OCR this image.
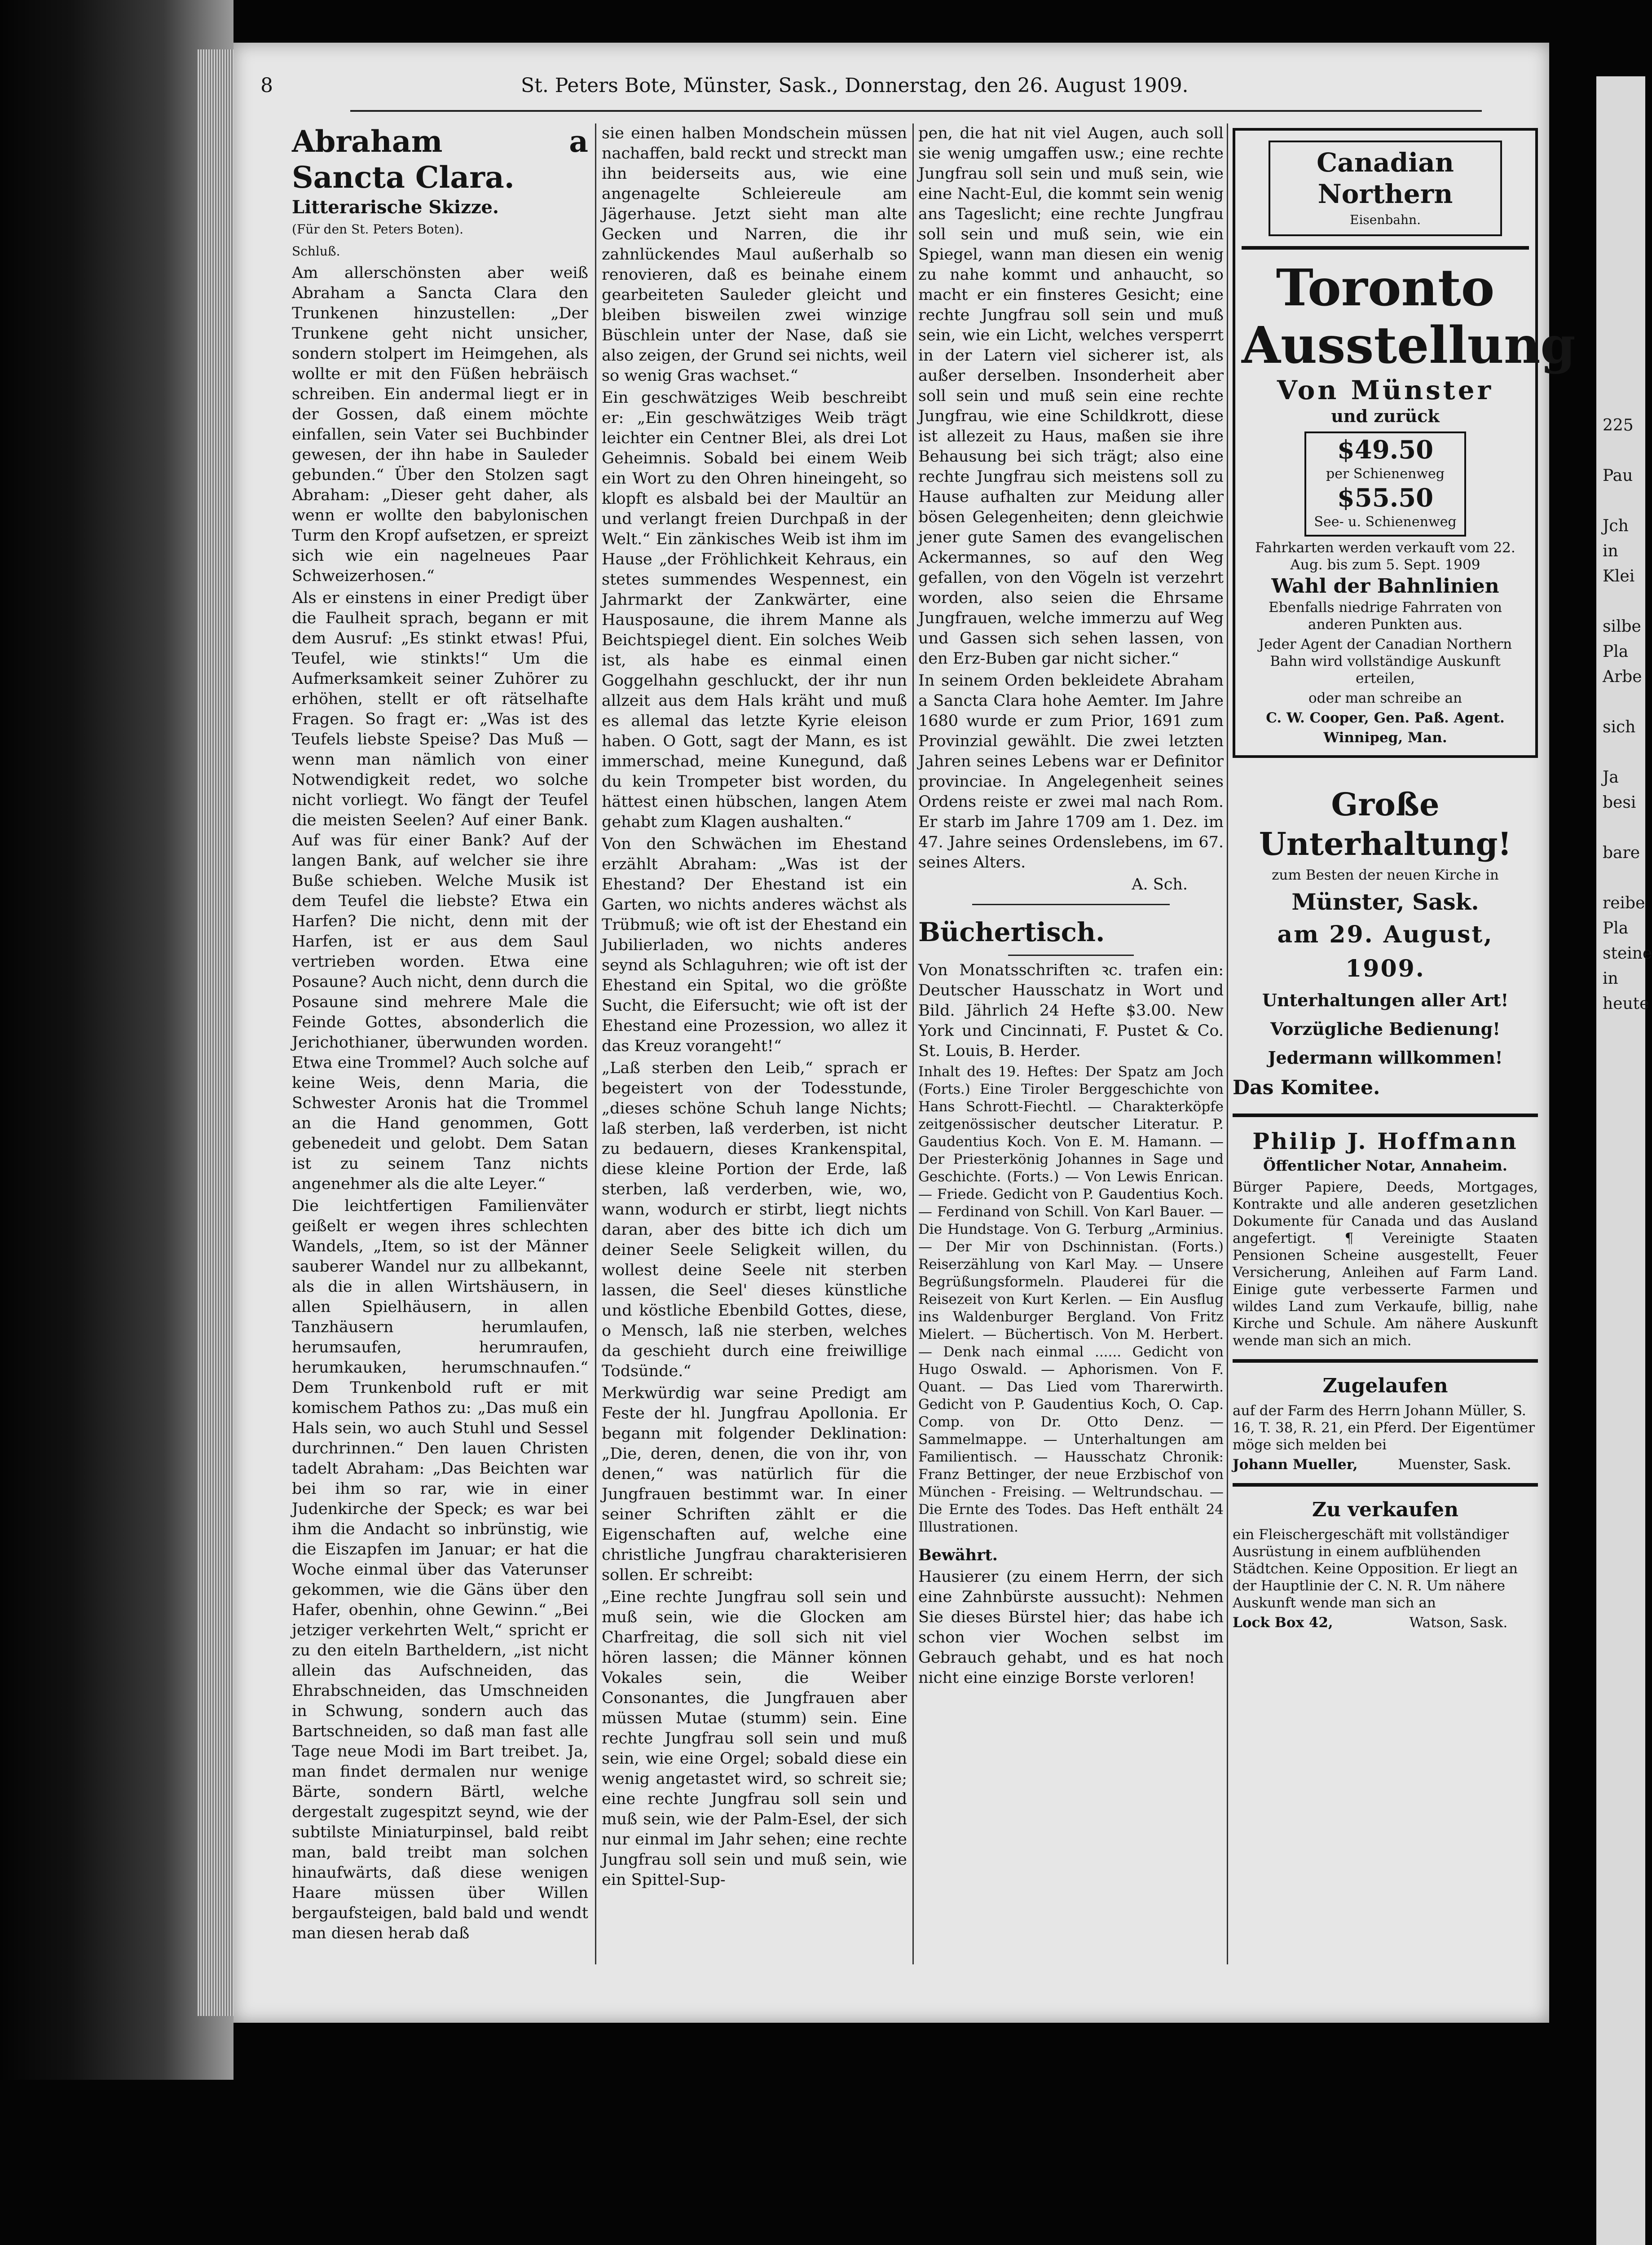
8	St. Peters Bote, Münster, Sask., Donnerstag, den 26. August 1909.

Abraham a Sancta Clara.

Litterarische Skizze.

(Für den St. Peters Boten).

Schluß.

Am allerschönsten aber weiß Abraham a Sancta Clara den Trunkenen hinzustellen: „Der Trunkene geht nicht unsicher, sondern stolpert im Heimgehen, als wollte er mit den Füßen hebräisch schreiben. Ein andermal liegt er in der Gossen, daß einem möchte einfallen, sein Vater sei Buchbinder gewesen, der ihn habe in Sauleder gebunden.“ Über den Stolzen sagt Abraham: „Dieser geht daher, als wenn er wollte den babylonischen Turm den Kropf aufsetzen, er spreizt sich wie ein nagelneues Paar Schweizerhosen.“

Als er einstens in einer Predigt über die Faulheit sprach, begann er mit dem Ausruf: „Es stinkt etwas! Pfui, Teufel, wie stinkts!“ Um die Aufmerksamkeit seiner Zuhörer zu erhöhen, stellt er oft rätselhafte Fragen. So fragt er: „Was ist des Teufels liebste Speise? Das Muß — wenn man nämlich von einer Notwendigkeit redet, wo solche nicht vorliegt. Wo fängt der Teufel die meisten Seelen? Auf einer Bank. Auf was für einer Bank? Auf der langen Bank, auf welcher sie ihre Buße schieben. Welche Musik ist dem Teufel die liebste? Etwa ein Harfen? Die nicht, denn mit der Harfen, ist er aus dem Saul vertrieben worden. Etwa eine Posaune? Auch nicht, denn durch die Posaune sind mehrere Male die Feinde Gottes, absonderlich die Jerichothianer, überwunden worden. Etwa eine Trommel? Auch solche auf keine Weis, denn Maria, die Schwester Aronis hat die Trommel an die Hand genommen, Gott gebenedeit und gelobt. Dem Satan ist zu seinem Tanz nichts angenehmer als die alte Leyer.“

Die leichtfertigen Familienväter geißelt er wegen ihres schlechten Wandels, „Item, so ist der Männer sauberer Wandel nur zu allbekannt, als die in allen Wirtshäusern, in allen Spielhäusern, in allen Tanzhäusern herumlaufen, herumsaufen, herumraufen, herumkauken, herumschnaufen.“ Dem Trunkenbold ruft er mit komischem Pathos zu: „Das muß ein Hals sein, wo auch Stuhl und Sessel durchrinnen.“ Den lauen Christen tadelt Abraham: „Das Beichten war bei ihm so rar, wie in einer Judenkirche der Speck; es war bei ihm die Andacht so inbrünstig, wie die Eiszapfen im Januar; er hat die Woche einmal über das Vaterunser gekommen, wie die Gäns über den Hafer, obenhin, ohne Gewinn.“ „Bei jetziger verkehrten Welt,“ spricht er zu den eiteln Bartheldern, „ist nicht allein das Aufschneiden, das Ehrabschneiden, das Umschneiden in Schwung, sondern auch das Bartschneiden, so daß man fast alle Tage neue Modi im Bart treibet. Ja, man findet dermalen nur wenige Bärte, sondern Bärtl, welche dergestalt zugespitzt seynd, wie der subtilste Miniaturpinsel, bald reibt man, bald treibt man solchen hinaufwärts, daß diese wenigen Haare müssen über Willen bergaufsteigen, bald bald und wendt man diesen herab daß

sie einen halben Mondschein müssen nachaffen, bald reckt und streckt man ihn beiderseits aus, wie eine angenagelte Schleiereule am Jägerhause. Jetzt sieht man alte Gecken und Narren, die ihr zahnlückendes Maul außerhalb so renovieren, daß es beinahe einem gearbeiteten Sauleder gleicht und bleiben bisweilen zwei winzige Büschlein unter der Nase, daß sie also zeigen, der Grund sei nichts, weil so wenig Gras wachset.“

Ein geschwätziges Weib beschreibt er: „Ein geschwätziges Weib trägt leichter ein Centner Blei, als drei Lot Geheimnis. Sobald bei einem Weib ein Wort zu den Ohren hineingeht, so klopft es alsbald bei der Maultür an und verlangt freien Durchpaß in der Welt.“ Ein zänkisches Weib ist ihm im Hause „der Fröhlichkeit Kehraus, ein stetes summendes Wespennest, ein Jahrmarkt der Zankwärter, eine Hausposaune, die ihrem Manne als Beichtspiegel dient. Ein solches Weib ist, als habe es einmal einen Goggelhahn geschluckt, der ihr nun allzeit aus dem Hals kräht und muß es allemal das letzte Kyrie eleison haben. O Gott, sagt der Mann, es ist immerschad, meine Kunegund, daß du kein Trompeter bist worden, du hättest einen hübschen, langen Atem gehabt zum Klagen aushalten.“

Von den Schwächen im Ehestand erzählt Abraham: „Was ist der Ehestand? Der Ehestand ist ein Garten, wo nichts anderes wächst als Trübmuß; wie oft ist der Ehestand ein Jubilierladen, wo nichts anderes seynd als Schlaguhren; wie oft ist der Ehestand ein Spital, wo die größte Sucht, die Eifersucht; wie oft ist der Ehestand eine Prozession, wo allez it das Kreuz vorangeht!“

„Laß sterben den Leib,“ sprach er begeistert von der Todesstunde, „dieses schöne Schuh lange Nichts; laß sterben, laß verderben, ist nicht zu bedauern, dieses Krankenspital, diese kleine Portion der Erde, laß sterben, laß verderben, wie, wo, wann, wodurch er stirbt, liegt nichts daran, aber des bitte ich dich um deiner Seele Seligkeit willen, du wollest deine Seele nit sterben lassen, die Seel' dieses künstliche und köstliche Ebenbild Gottes, diese, o Mensch, laß nie sterben, welches da geschieht durch eine freiwillige Todsünde.“

Merkwürdig war seine Predigt am Feste der hl. Jungfrau Apollonia. Er begann mit folgender Deklination: „Die, deren, denen, die von ihr, von denen,“ was natürlich für die Jungfrauen bestimmt war. In einer seiner Schriften zählt er die Eigenschaften auf, welche eine christliche Jungfrau charakterisieren sollen. Er schreibt:

„Eine rechte Jungfrau soll sein und muß sein, wie die Glocken am Charfreitag, die soll sich nit viel hören lassen; die Männer können Vokales sein, die Weiber Consonantes, die Jungfrauen aber müssen Mutae (stumm) sein. Eine rechte Jungfrau soll sein und muß sein, wie eine Orgel; sobald diese ein wenig angetastet wird, so schreit sie; eine rechte Jungfrau soll sein und muß sein, wie der Palm-Esel, der sich nur einmal im Jahr sehen; eine rechte Jungfrau soll sein und muß sein, wie ein Spittel-Sup-

pen, die hat nit viel Augen, auch soll sie wenig umgaffen usw.; eine rechte Jungfrau soll sein und muß sein, wie eine Nacht-Eul, die kommt sein wenig ans Tageslicht; eine rechte Jungfrau soll sein und muß sein, wie ein Spiegel, wann man diesen ein wenig zu nahe kommt und anhaucht, so macht er ein finsteres Gesicht; eine rechte Jungfrau soll sein und muß sein, wie ein Licht, welches versperrt in der Latern viel sicherer ist, als außer derselben. Insonderheit aber soll sein und muß sein eine rechte Jungfrau, wie eine Schildkrott, diese ist allezeit zu Haus, maßen sie ihre Behausung bei sich trägt; also eine rechte Jungfrau sich meistens soll zu Hause aufhalten zur Meidung aller bösen Gelegenheiten; denn gleichwie jener gute Samen des evangelischen Ackermannes, so auf den Weg gefallen, von den Vögeln ist verzehrt worden, also seien die Ehrsame Jungfrauen, welche immerzu auf Weg und Gassen sich sehen lassen, von den Erz-Buben gar nicht sicher.“

In seinem Orden bekleidete Abraham a Sancta Clara hohe Aemter. Im Jahre 1680 wurde er zum Prior, 1691 zum Provinzial gewählt. Die zwei letzten Jahren seines Lebens war er Definitor provinciae. In Angelegenheit seines Ordens reiste er zwei mal nach Rom. Er starb im Jahre 1709 am 1. Dez. im 47. Jahre seines Ordenslebens, im 67. seines Alters.

A. Sch.

Büchertisch.

Von Monatsschriften ꝛc. trafen ein: Deutscher Hausschatz in Wort und Bild. Jährlich 24 Hefte $3.00. New York und Cincinnati, F. Pustet & Co. St. Louis, B. Herder.

Inhalt des 19. Heftes: Der Spatz am Joch (Forts.) Eine Tiroler Berggeschichte von Hans Schrott-Fiechtl. — Charakterköpfe zeitgenössischer deutscher Literatur. P. Gaudentius Koch. Von E. M. Hamann. — Der Priesterkönig Johannes in Sage und Geschichte. (Forts.) — Von Lewis Enrican. — Friede. Gedicht von P. Gaudentius Koch. — Ferdinand von Schill. Von Karl Bauer. — Die Hundstage. Von G. Terburg „Arminius. — Der Mir von Dschinnistan. (Forts.) Reiserzählung von Karl May. — Unsere Begrüßungsformeln. Plauderei für die Reisezeit von Kurt Kerlen. — Ein Ausflug ins Waldenburger Bergland. Von Fritz Mielert. — Büchertisch. Von M. Herbert. — Denk nach einmal ...... Gedicht von Hugo Oswald. — Aphorismen. Von F. Quant. — Das Lied vom Tharerwirth. Gedicht von P. Gaudentius Koch, O. Cap. Comp. von Dr. Otto Denz. — Sammelmappe. — Unterhaltungen am Familientisch. — Hausschatz Chronik: Franz Bettinger, der neue Erzbischof von München - Freising. — Weltrundschau. — Die Ernte des Todes. Das Heft enthält 24 Illustrationen.

Bewährt.

Hausierer (zu einem Herrn, der sich eine Zahnbürste aussucht): Nehmen Sie dieses Bürstel hier; das habe ich schon vier Wochen selbst im Gebrauch gehabt, und es hat noch nicht eine einzige Borste verloren!

Canadian Northern
Eisenbahn.
Toronto
Ausstellung
Von Münster
und zurück
$49.50
per Schienenweg
$55.50
See- u. Schienenweg
Fahrkarten werden verkauft vom 22. Aug. bis zum 5. Sept. 1909
Wahl der Bahnlinien
Ebenfalls niedrige Fahrraten von anderen Punkten aus.
Jeder Agent der Canadian Northern Bahn wird vollständige Auskunft erteilen,
oder man schreibe an
C. W. Cooper, Gen. Paß. Agent.
Winnipeg, Man.
Große
Unterhaltung!
zum Besten der neuen Kirche in
Münster, Sask.
am 29. August, 1909.
Unterhaltungen aller Art!
Vorzügliche Bedienung!
Jedermann willkommen!
Das Komitee.
Philip J. Hoffmann
Öffentlicher Notar, Annaheim.
Bürger Papiere, Deeds, Mortgages, Kontrakte und alle anderen gesetzlichen Dokumente für Canada und das Ausland angefertigt. ¶ Vereinigte Staaten Pensionen Scheine ausgestellt, Feuer Versicherung, Anleihen auf Farm Land. Einige gute verbesserte Farmen und wildes Land zum Verkaufe, billig, nahe Kirche und Schule. Am nähere Auskunft wende man sich an mich.
Zugelaufen
auf der Farm des Herrn Johann Müller, S. 16, T. 38, R. 21, ein Pferd. Der Eigentümer möge sich melden bei
Johann Mueller,	Muenster, Sask.
Zu verkaufen
ein Fleischergeschäft mit vollständiger Ausrüstung in einem aufblühenden Städtchen. Keine Opposition. Er liegt an der Hauptlinie der C. N. R. Um nähere Auskunft wende man sich an
Lock Box 42,	Watson, Sask.
225

Pau

Jch
in
Klei

silbe
Pla
Arbe

sich

Ja
besi

bare

reibe
Pla
steine
in
heute
